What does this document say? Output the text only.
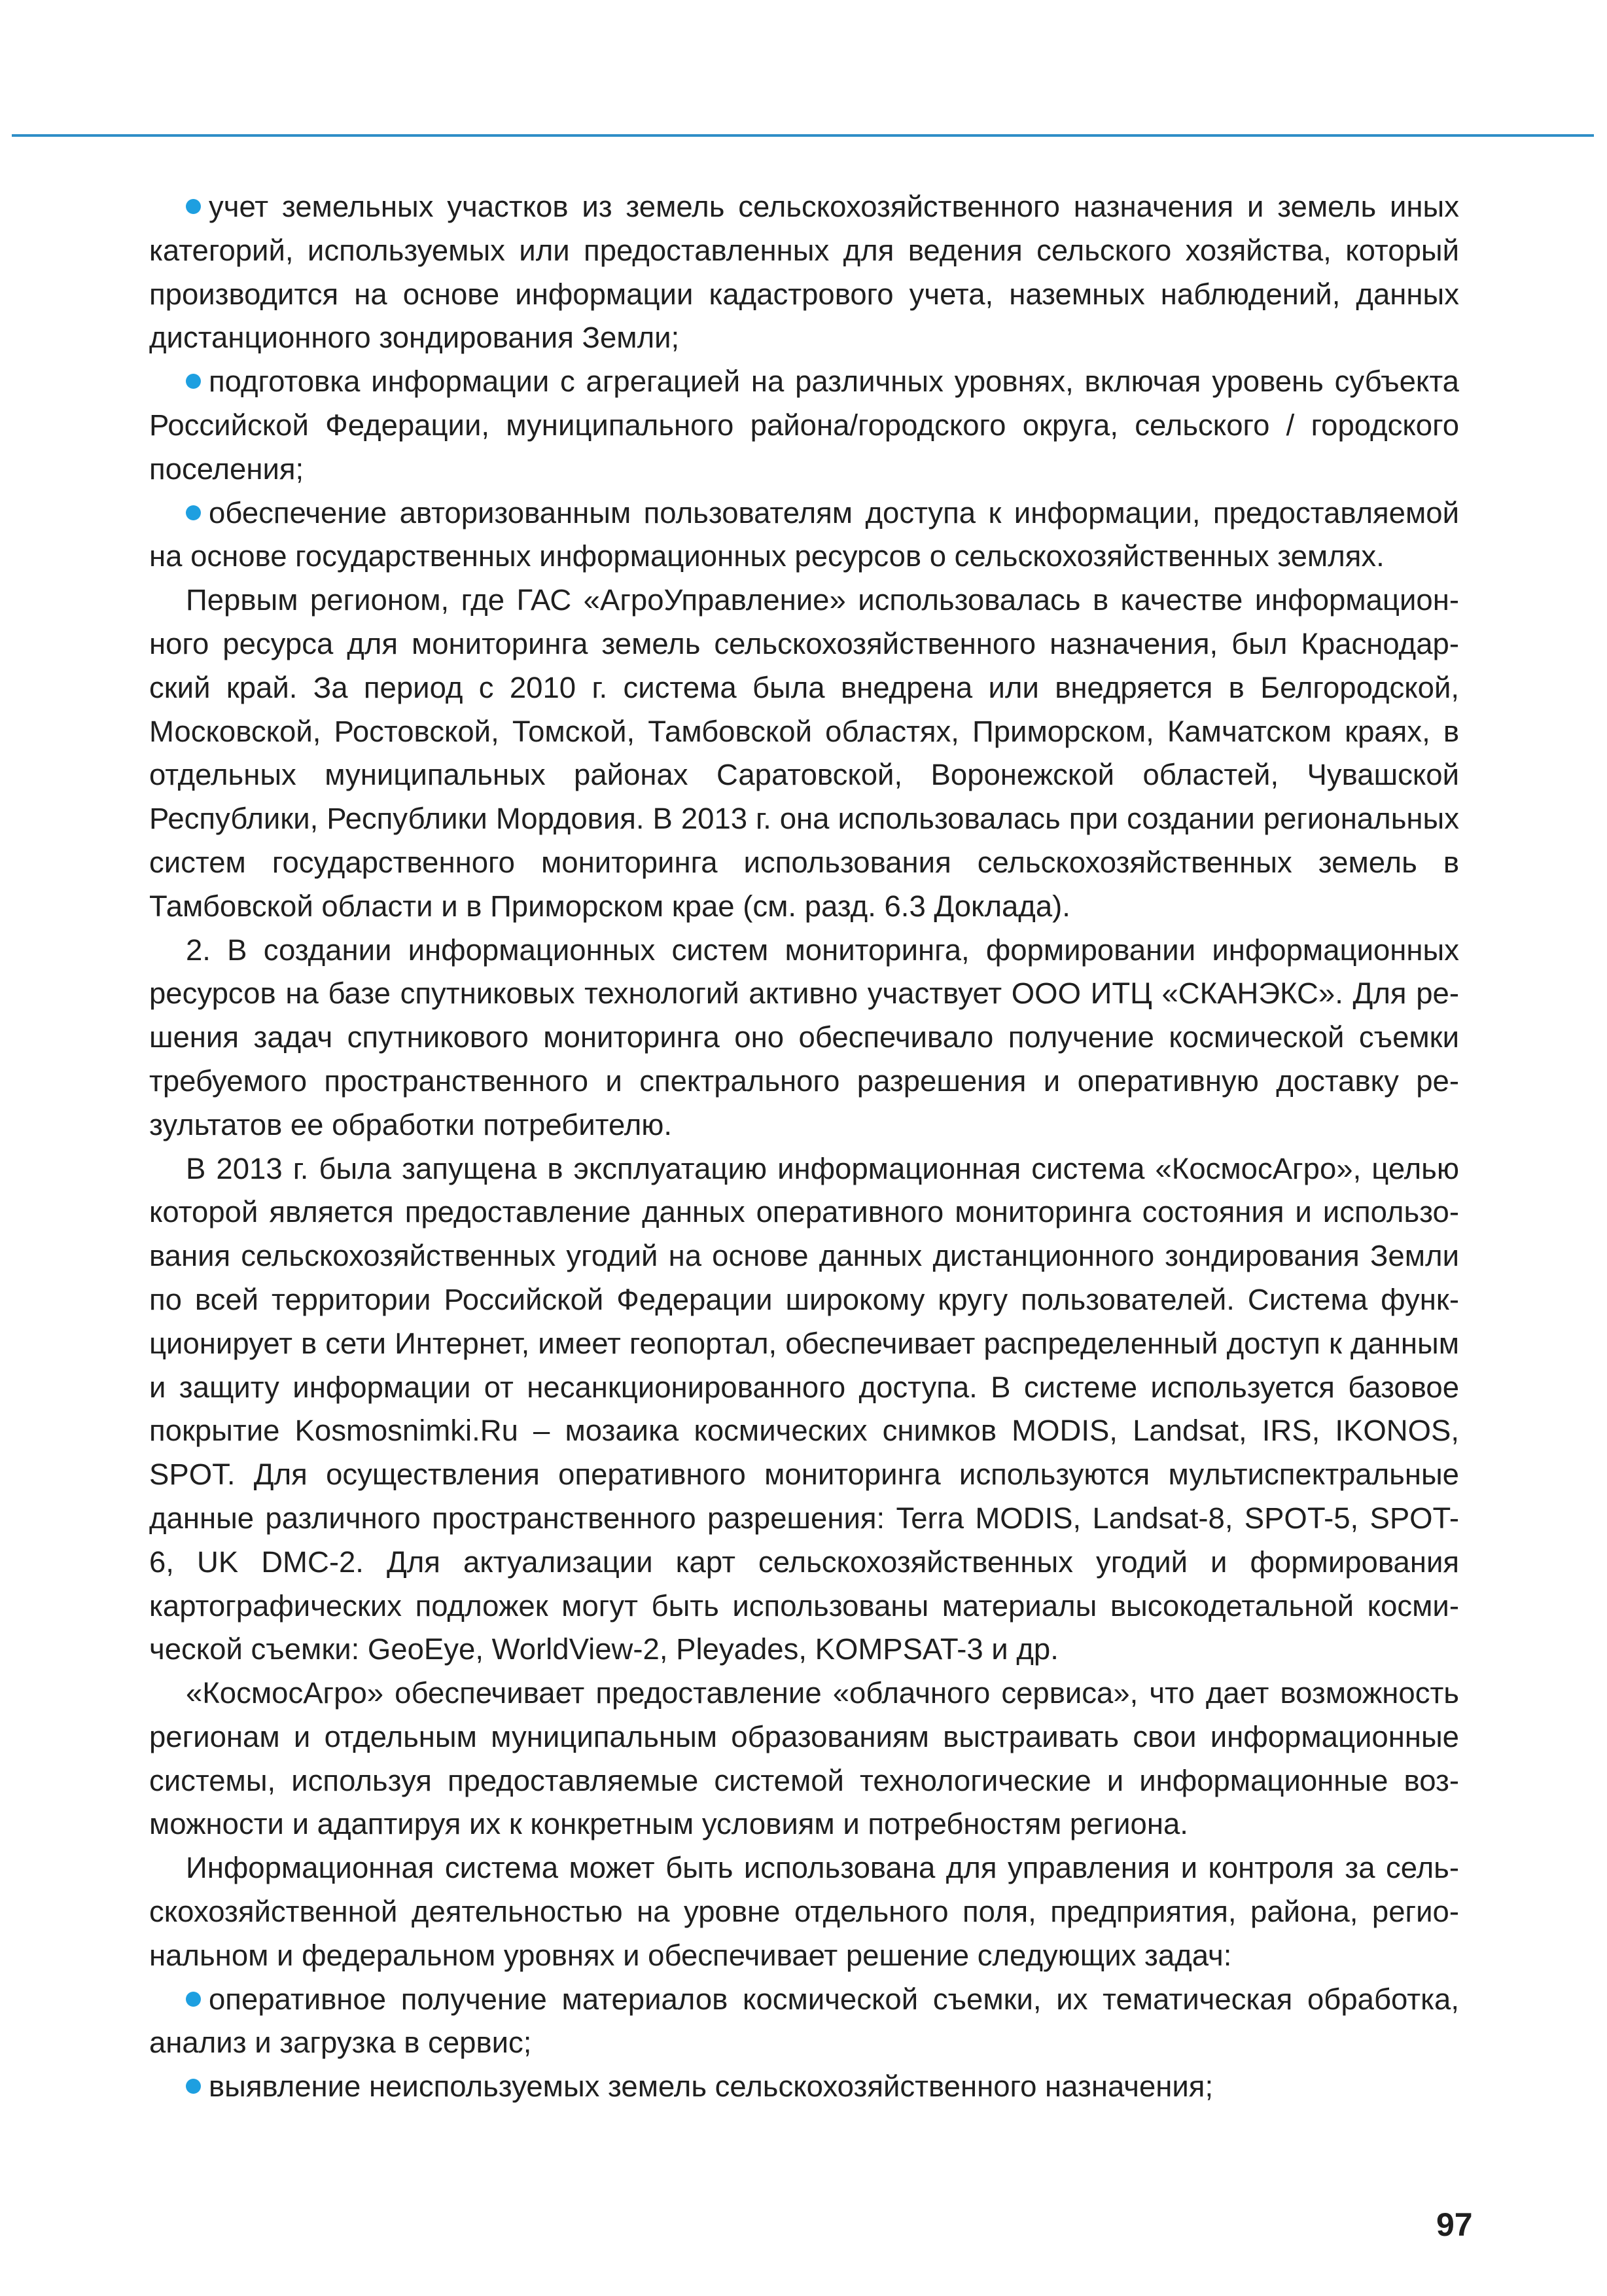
учет земельных участков из земель сельскохозяйственного назначения и земель иных категорий, используемых или предоставленных для ведения сельского хозяйства, который производится на основе информации кадастрового учета, наземных наблюдений, данных дистанционного зондирования Земли;

подготовка информации с агрегацией на различных уровнях, включая уровень субъекта Российской Федерации, муниципального района/городского округа, сельского / городского поселения;

обеспечение авторизованным пользователям доступа к информации, предоставляемой на основе государственных информационных ресурсов о сельскохозяйственных землях.

Первым регионом, где ГАС «АгроУправление» использовалась в качестве информационного ресурса для мониторинга земель сельскохозяйственного назначения, был Краснодарский край. За период с 2010 г. система была внедрена или внедряется в Белгородской, Московской, Ростовской, Томской, Тамбовской областях, Приморском, Камчатском краях, в отдельных муниципальных районах Саратовской, Воронежской областей, Чувашской Республики, Республики Мордовия. В 2013 г. она использовалась при создании региональных систем государственного мониторинга использования сельскохозяйственных земель в Тамбовской области и в Приморском крае (см. разд. 6.3 Доклада).

2. В создании информационных систем мониторинга, формировании информационных ресурсов на базе спутниковых технологий активно участвует ООО ИТЦ «СКАНЭКС». Для решения задач спутникового мониторинга оно обеспечивало получение космической съемки требуемого пространственного и спектрального разрешения и оперативную доставку результатов ее обработки потребителю.

В 2013 г. была запущена в эксплуатацию информационная система «КосмосАгро», целью которой является предоставление данных оперативного мониторинга состояния и использования сельскохозяйственных угодий на основе данных дистанционного зондирования Земли по всей территории Российской Федерации широкому кругу пользователей. Система функционирует в сети Интернет, имеет геопортал, обеспечивает распределенный доступ к данным и защиту информации от несанкционированного доступа. В системе используется базовое покрытие Kosmosnimki.Ru – мозаика космических снимков MODIS, Landsat, IRS, IKONOS, SPOT. Для осуществления оперативного мониторинга используются мультиспектральные данные различного пространственного разрешения: Terra MODIS, Landsat-8, SPOT-5, SPOT-6, UK DMC-2. Для актуализации карт сельскохозяйственных угодий и формирования картографических подложек могут быть использованы материалы высокодетальной космической съемки: GeoEye, WorldView-2, Pleyades, KOMPSAT-3 и др.

«КосмосАгро» обеспечивает предоставление «облачного сервиса», что дает возможность регионам и отдельным муниципальным образованиям выстраивать свои информационные системы, используя предоставляемые системой технологические и информационные возможности и адаптируя их к конкретным условиям и потребностям региона.

Информационная система может быть использована для управления и контроля за сельскохозяйственной деятельностью на уровне отдельного поля, предприятия, района, региональном и федеральном уровнях и обеспечивает решение следующих задач:

оперативное получение материалов космической съемки, их тематическая обработка, анализ и загрузка в сервис;

выявление неиспользуемых земель сельскохозяйственного назначения;

97
